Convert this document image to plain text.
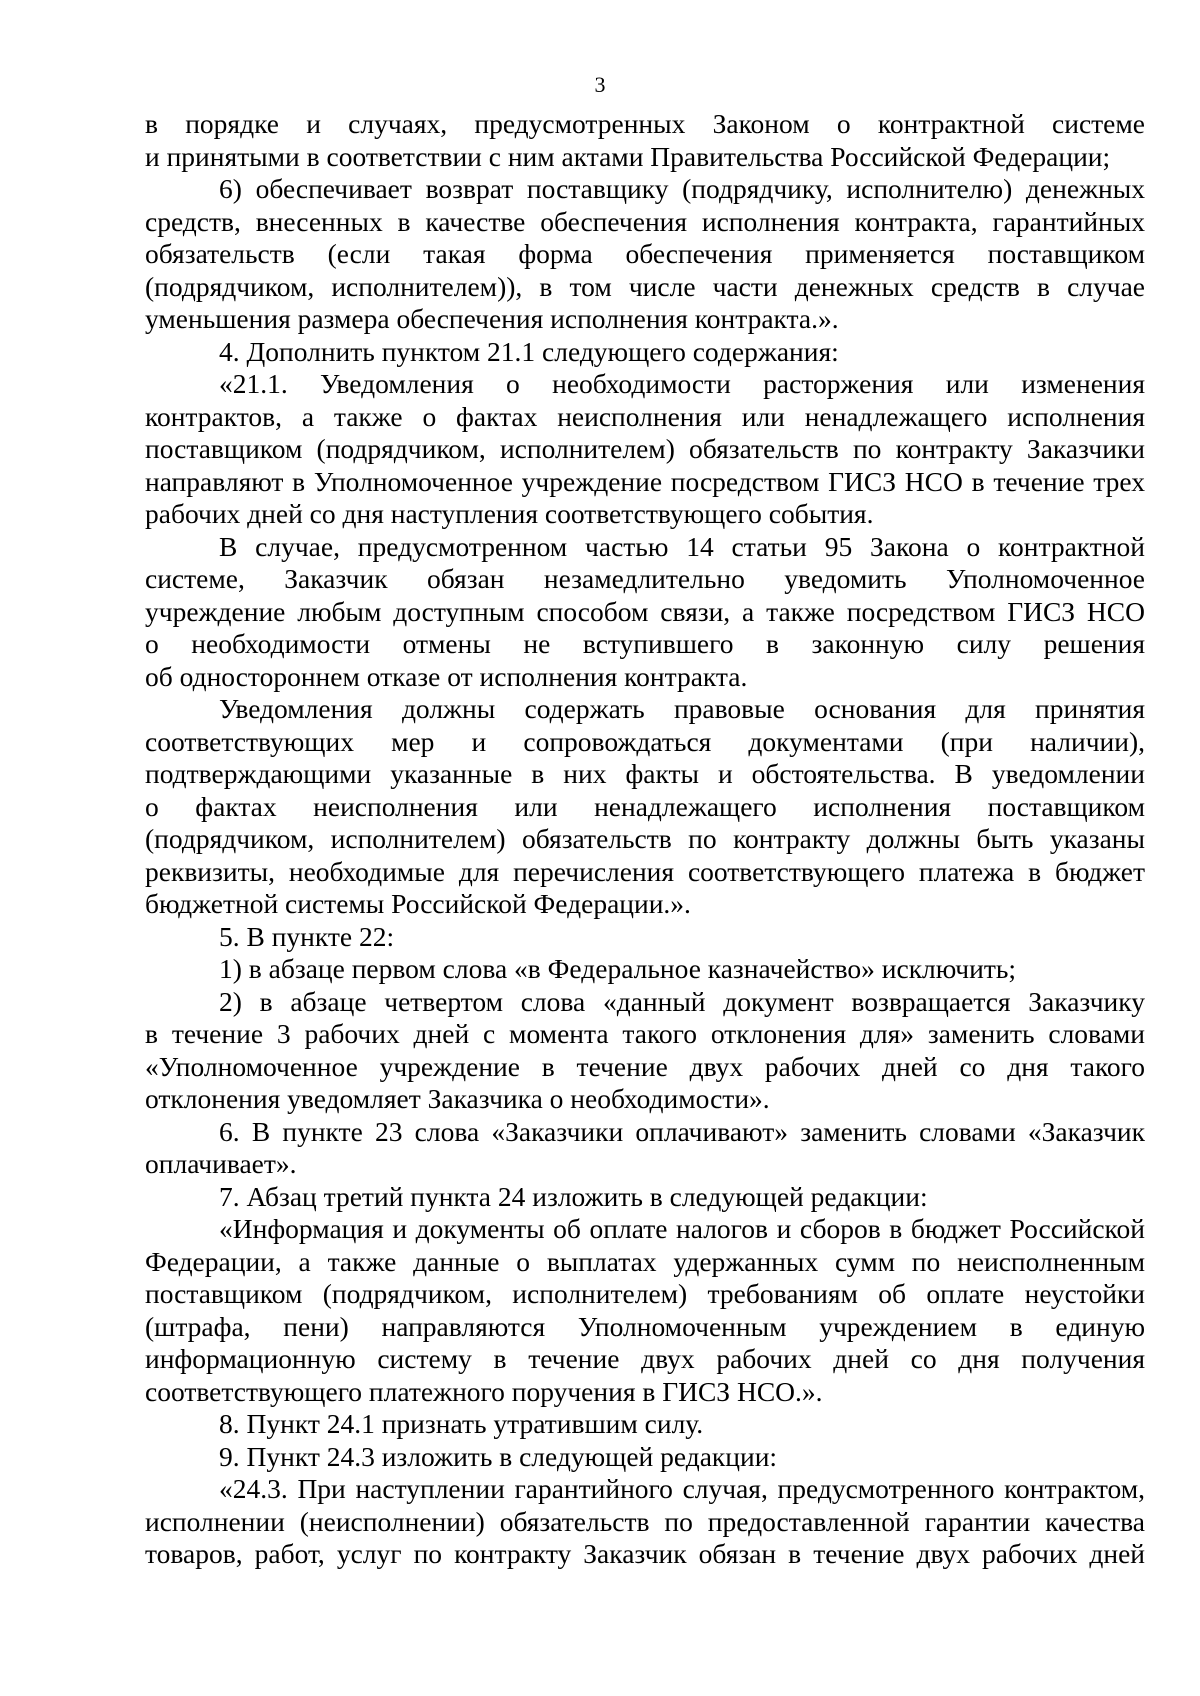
3
в порядке и случаях, предусмотренных Законом о контрактной системе
и принятыми в соответствии с ним актами Правительства Российской Федерации;
6) обеспечивает возврат поставщику (подрядчику, исполнителю) денежных
средств, внесенных в качестве обеспечения исполнения контракта, гарантийных
обязательств (если такая форма обеспечения применяется поставщиком
(подрядчиком, исполнителем)), в том числе части денежных средств в случае
уменьшения размера обеспечения исполнения контракта.».
4. Дополнить пунктом 21.1 следующего содержания:
«21.1. Уведомления о необходимости расторжения или изменения
контрактов, а также о фактах неисполнения или ненадлежащего исполнения
поставщиком (подрядчиком, исполнителем) обязательств по контракту Заказчики
направляют в Уполномоченное учреждение посредством ГИСЗ НСО в течение трех
рабочих дней со дня наступления соответствующего события.
В случае, предусмотренном частью 14 статьи 95 Закона о контрактной
системе, Заказчик обязан незамедлительно уведомить Уполномоченное
учреждение любым доступным способом связи, а также посредством ГИСЗ НСО
о необходимости отмены не вступившего в законную силу решения
об одностороннем отказе от исполнения контракта.
Уведомления должны содержать правовые основания для принятия
соответствующих мер и сопровождаться документами (при наличии),
подтверждающими указанные в них факты и обстоятельства. В уведомлении
о фактах неисполнения или ненадлежащего исполнения поставщиком
(подрядчиком, исполнителем) обязательств по контракту должны быть указаны
реквизиты, необходимые для перечисления соответствующего платежа в бюджет
бюджетной системы Российской Федерации.».
5. В пункте 22:
1) в абзаце первом слова «в Федеральное казначейство» исключить;
2) в абзаце четвертом слова «данный документ возвращается Заказчику
в течение 3 рабочих дней с момента такого отклонения для» заменить словами
«Уполномоченное учреждение в течение двух рабочих дней со дня такого
отклонения уведомляет Заказчика о необходимости».
6. В пункте 23 слова «Заказчики оплачивают» заменить словами «Заказчик
оплачивает».
7. Абзац третий пункта 24 изложить в следующей редакции:
«Информация и документы об оплате налогов и сборов в бюджет Российской
Федерации, а также данные о выплатах удержанных сумм по неисполненным
поставщиком (подрядчиком, исполнителем) требованиям об оплате неустойки
(штрафа, пени) направляются Уполномоченным учреждением в единую
информационную систему в течение двух рабочих дней со дня получения
соответствующего платежного поручения в ГИСЗ НСО.».
8. Пункт 24.1 признать утратившим силу.
9. Пункт 24.3 изложить в следующей редакции:
«24.3. При наступлении гарантийного случая, предусмотренного контрактом,
исполнении (неисполнении) обязательств по предоставленной гарантии качества
товаров, работ, услуг по контракту Заказчик обязан в течение двух рабочих дней
